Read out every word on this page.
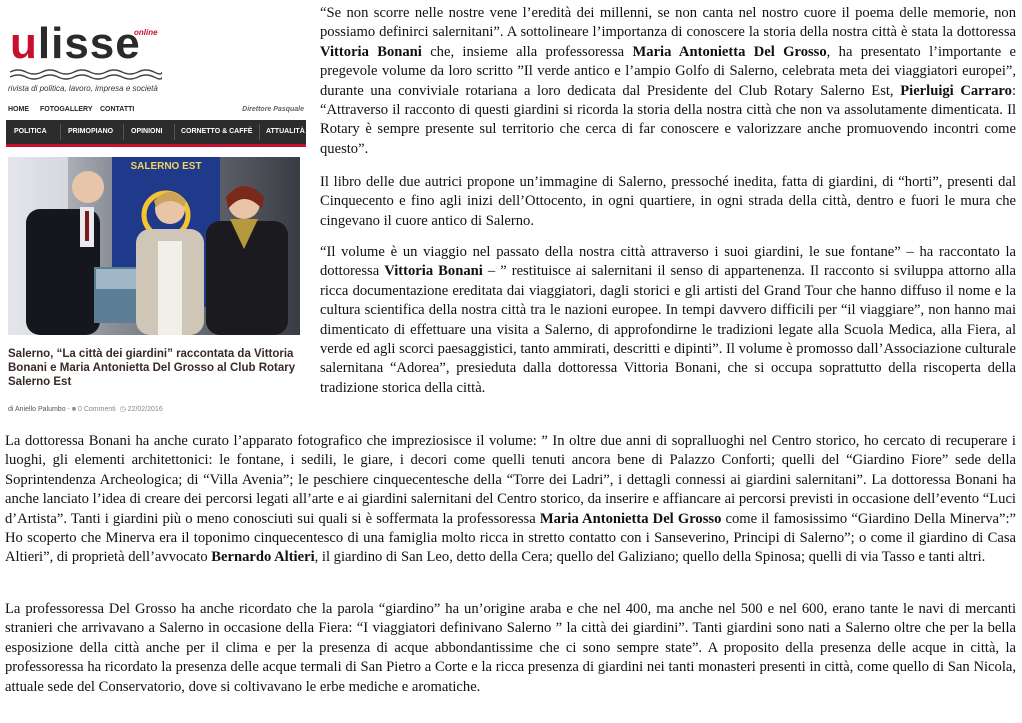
ulisse
online
rivista di politica, lavoro, impresa e società
HOME FOTOGALLERY CONTATTI	Direttore Pasquale
POLITICA	PRIMOPIANO	OPINIONI	CORNETTO & CAFFÈ ATTUALITÀ
SALERNO EST
Salerno, “La città dei giardini” raccontata da Vittoria Bonani e Maria Antonietta Del Grosso al Club Rotary Salerno Est
di Aniello Palumbo - ■ 0 Commenti  ◷ 22/02/2016

“Se non scorre nelle nostre vene l’eredità dei millenni, se non canta nel nostro cuore il poema delle memorie, non possiamo definirci salernitani”. A sottolineare l’importanza di conoscere la storia della nostra città è stata la dottoressa Vittoria Bonani che, insieme alla professoressa Maria Antonietta Del Grosso, ha presentato l’importante e pregevole volume da loro scritto ”Il verde antico e l’ampio Golfo di Salerno, celebrata meta dei viaggiatori europei”, durante una conviviale rotariana a loro dedicata dal Presidente del Club Rotary Salerno Est, Pierluigi Carraro: “Attraverso il racconto di questi giardini si ricorda la storia della nostra città che non va assolutamente dimenticata. Il Rotary è sempre presente sul territorio che cerca di far conoscere e valorizzare anche promuovendo incontri come questo”.

Il libro delle due autrici propone un’immagine di Salerno, pressoché inedita, fatta di giardini, di “horti”, presenti dal Cinquecento e fino agli inizi dell’Ottocento, in ogni quartiere, in ogni strada della città, dentro e fuori le mura che cingevano il cuore antico di Salerno.

“Il volume è un viaggio nel passato della nostra città attraverso i suoi giardini, le sue fontane” – ha raccontato la dottoressa Vittoria Bonani – ” restituisce ai salernitani il senso di appartenenza. Il racconto si sviluppa attorno alla ricca documentazione ereditata dai viaggiatori, dagli storici e gli artisti del Grand Tour che hanno diffuso il nome e la cultura scientifica della nostra città tra le nazioni europee. In tempi davvero difficili per “il viaggiare”, non hanno mai dimenticato di effettuare una visita a Salerno, di approfondirne le tradizioni legate alla Scuola Medica, alla Fiera, al verde ed agli scorci paesaggistici, tanto ammirati, descritti e dipinti”. Il volume è promosso dall’Associazione culturale salernitana “Adorea”, presieduta dalla dottoressa Vittoria Bonani, che si occupa soprattutto della riscoperta della tradizione storica della città.

La dottoressa Bonani ha anche curato l’apparato fotografico che impreziosisce il volume: ” In oltre due anni di sopralluoghi nel Centro storico, ho cercato di recuperare i luoghi, gli elementi architettonici: le fontane, i sedili, le giare, i decori come quelli tenuti ancora bene di Palazzo Conforti; quelli del “Giardino Fiore” sede della Soprintendenza Archeologica; di “Villa Avenia”; le peschiere cinquecentesche della “Torre dei Ladri”, i dettagli connessi ai giardini salernitani”. La dottoressa Bonani ha anche lanciato l’idea di creare dei percorsi legati all’arte e ai giardini salernitani del Centro storico, da inserire e affiancare ai percorsi previsti in occasione dell’evento “Luci d’Artista”. Tanti i giardini più o meno conosciuti sui quali si è soffermata la professoressa Maria Antonietta Del Grosso come il famosissimo “Giardino Della Minerva”:” Ho scoperto che Minerva era il toponimo cinquecentesco di una famiglia molto ricca in stretto contatto con i Sanseverino, Principi di Salerno”; o come il giardino di Casa Altieri”, di proprietà dell’avvocato Bernardo Altieri, il giardino di San Leo, detto della Cera; quello del Galiziano; quello della Spinosa; quelli di via Tasso e tanti altri.

La professoressa Del Grosso ha anche ricordato che la parola “giardino” ha un’origine araba e che nel 400, ma anche nel 500 e nel 600, erano tante le navi di mercanti stranieri che arrivavano a Salerno in occasione della Fiera: “I viaggiatori definivano Salerno ” la città dei giardini”. Tanti giardini sono nati a Salerno oltre che per la bella esposizione della città anche per il clima e per la presenza di acque abbondantissime che ci sono sempre state”. A proposito della presenza delle acque in città, la professoressa ha ricordato la presenza delle acque termali di San Pietro a Corte e la ricca presenza di giardini nei tanti monasteri presenti in città, come quello di San Nicola, attuale sede del Conservatorio, dove si coltivavano le erbe mediche e aromatiche.
